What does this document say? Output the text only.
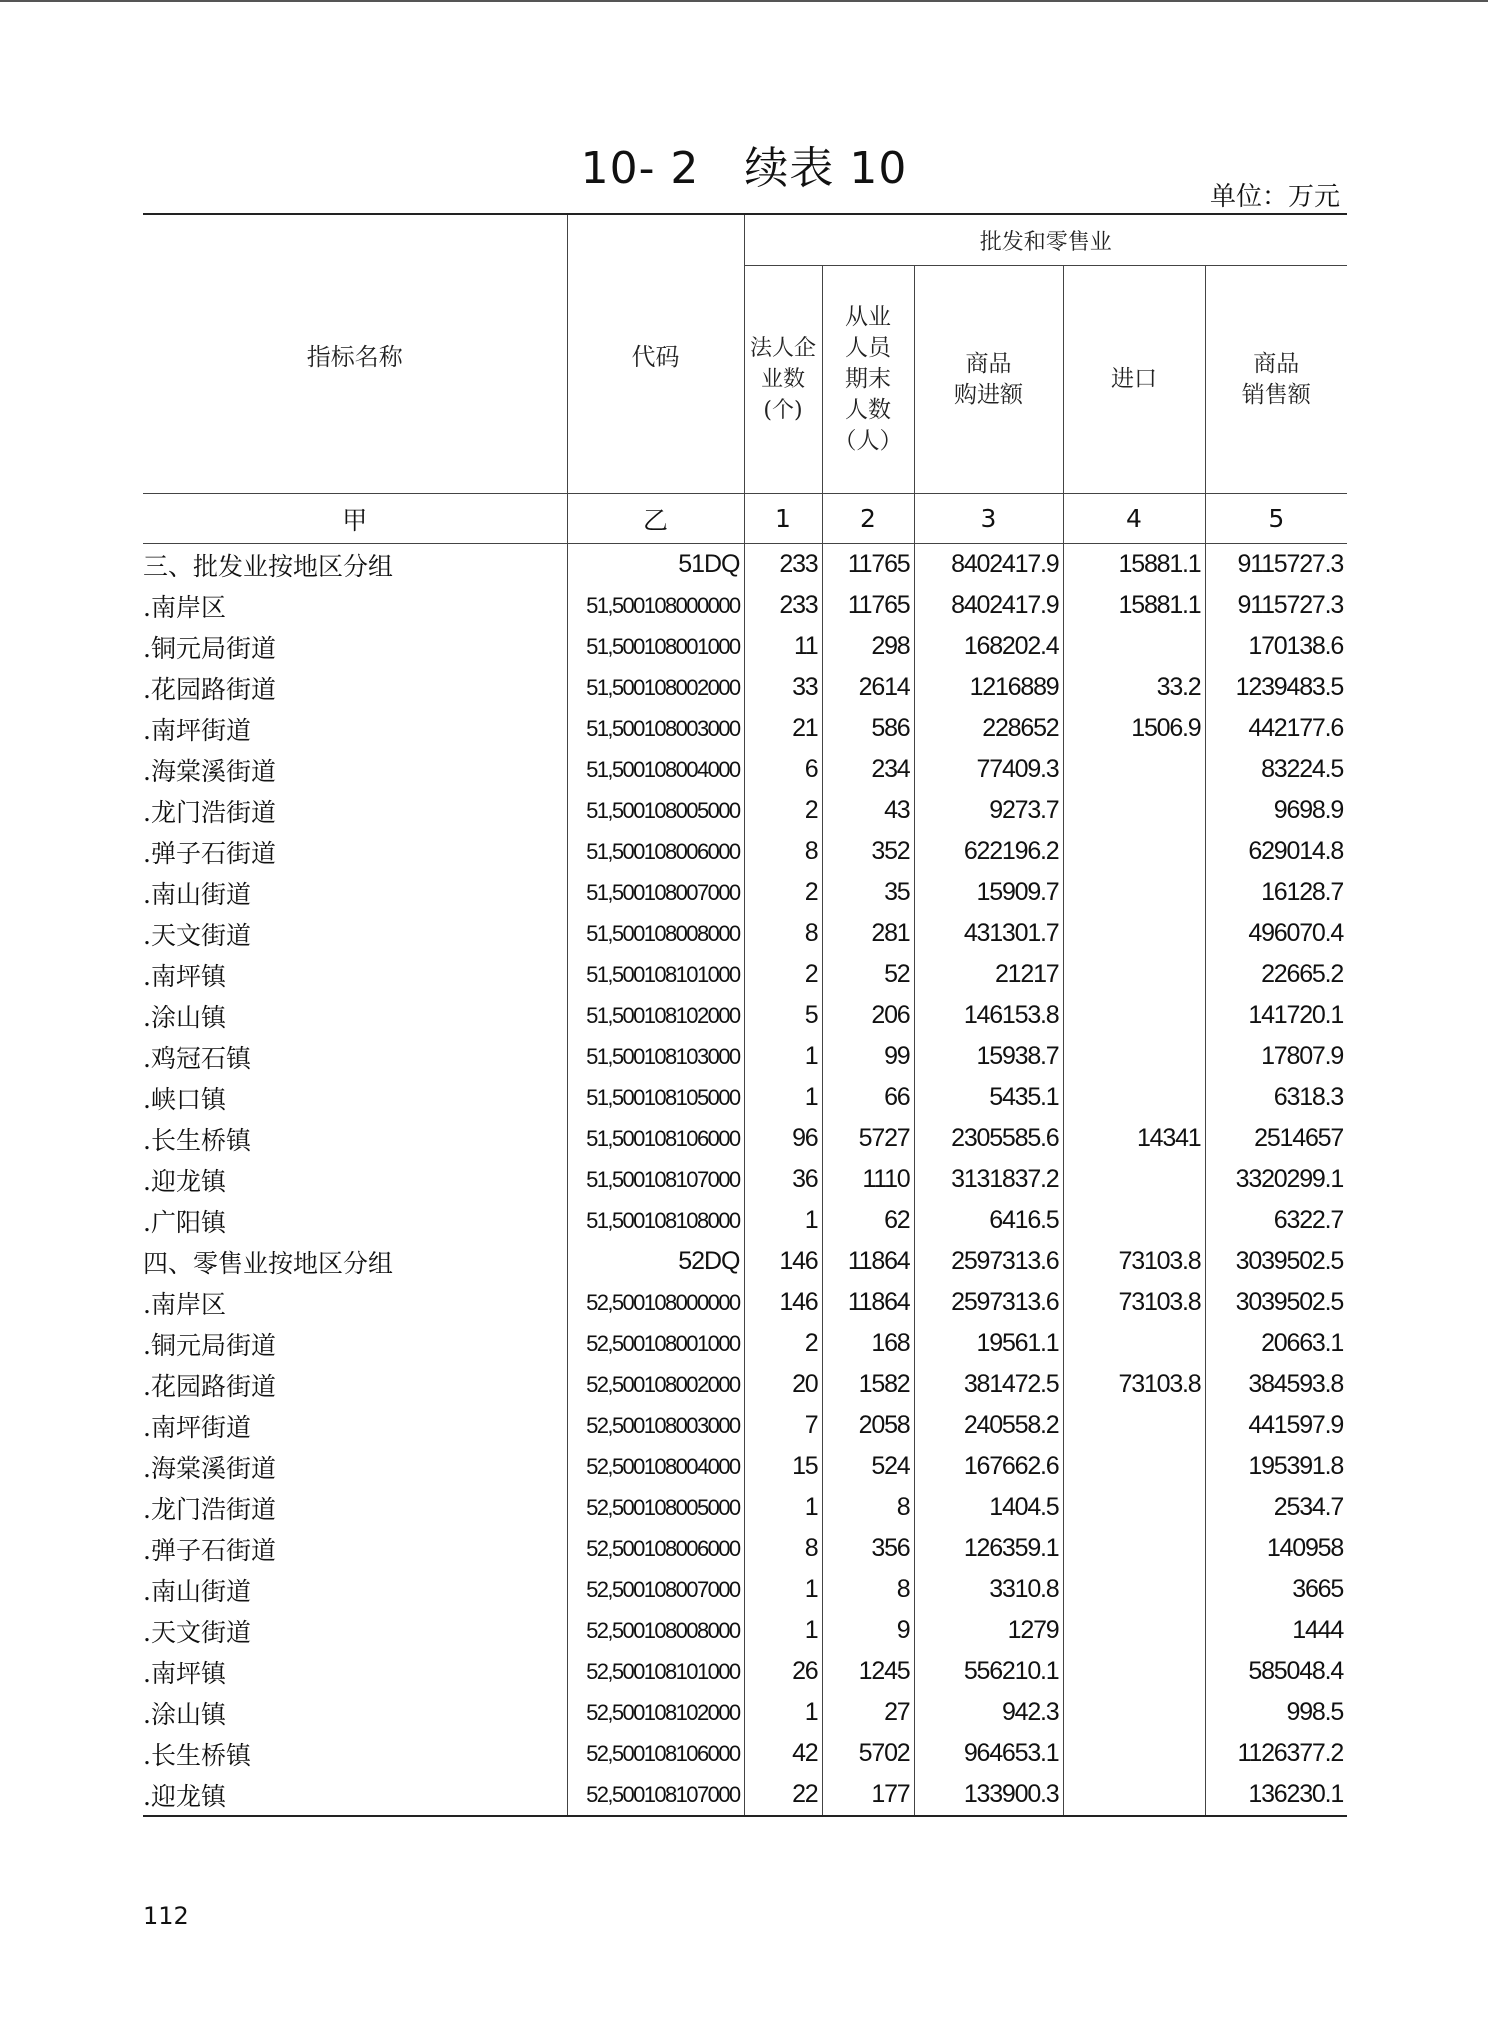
10- 2　续表 10
单位：万元
指标名称	代码	批发和零售业				
		法人企
业数
(个)	从业
人员
期末
人数
（人）	商品
购进额	进口	商品
销售额
甲	乙	1	2	3	4	5
三、批发业按地区分组	51DQ	233	11765	8402417.9	15881.1	9115727.3
.南岸区	51,500108000000	233	11765	8402417.9	15881.1	9115727.3
.铜元局街道	51,500108001000	11	298	168202.4		170138.6
.花园路街道	51,500108002000	33	2614	1216889	33.2	1239483.5
.南坪街道	51,500108003000	21	586	228652	1506.9	442177.6
.海棠溪街道	51,500108004000	6	234	77409.3		83224.5
.龙门浩街道	51,500108005000	2	43	9273.7		9698.9
.弹子石街道	51,500108006000	8	352	622196.2		629014.8
.南山街道	51,500108007000	2	35	15909.7		16128.7
.天文街道	51,500108008000	8	281	431301.7		496070.4
.南坪镇	51,500108101000	2	52	21217		22665.2
.涂山镇	51,500108102000	5	206	146153.8		141720.1
.鸡冠石镇	51,500108103000	1	99	15938.7		17807.9
.峡口镇	51,500108105000	1	66	5435.1		6318.3
.长生桥镇	51,500108106000	96	5727	2305585.6	14341	2514657
.迎龙镇	51,500108107000	36	1110	3131837.2		3320299.1
.广阳镇	51,500108108000	1	62	6416.5		6322.7
四、零售业按地区分组	52DQ	146	11864	2597313.6	73103.8	3039502.5
.南岸区	52,500108000000	146	11864	2597313.6	73103.8	3039502.5
.铜元局街道	52,500108001000	2	168	19561.1		20663.1
.花园路街道	52,500108002000	20	1582	381472.5	73103.8	384593.8
.南坪街道	52,500108003000	7	2058	240558.2		441597.9
.海棠溪街道	52,500108004000	15	524	167662.6		195391.8
.龙门浩街道	52,500108005000	1	8	1404.5		2534.7
.弹子石街道	52,500108006000	8	356	126359.1		140958
.南山街道	52,500108007000	1	8	3310.8		3665
.天文街道	52,500108008000	1	9	1279		1444
.南坪镇	52,500108101000	26	1245	556210.1		585048.4
.涂山镇	52,500108102000	1	27	942.3		998.5
.长生桥镇	52,500108106000	42	5702	964653.1		1126377.2
.迎龙镇	52,500108107000	22	177	133900.3		136230.1
112
